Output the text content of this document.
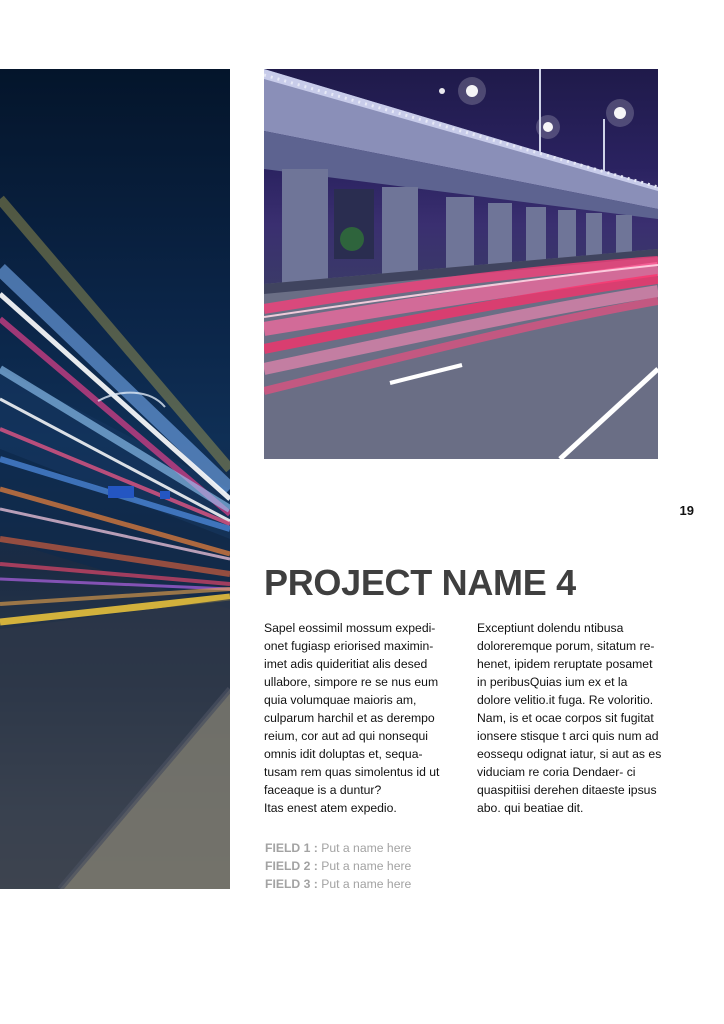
19
PROJECT NAME 4

Sapel eossimil mossum expedi-
onet fugiasp eriorised maximin-
imet adis quideritiat alis desed
ullabore, simpore re se nus eum
quia volumquae maioris am,
culparum harchil et as derempo
reium, cor aut ad qui nonsequi
omnis idit doluptas et, sequa-
tusam rem quas simolentus id ut
faceaque is a duntur?

Itas enest atem expedio.

Exceptiunt dolendu ntibusa
doloreremque porum, sitatum re-
henet, ipidem reruptate posamet
in peribusQuias ium ex et la
dolore velitio.it fuga. Re voloritio.
Nam, is et ocae corpos sit fugitat
ionsere stisque t arci quis num ad
eossequ odignat iatur, si aut as es
viduciam re coria Dendaer- ci
quaspitiisi derehen ditaeste ipsus
abo. qui beatiae dit.

FIELD 1 : Put a name here
FIELD 2 : Put a name here
FIELD 3 : Put a name here
